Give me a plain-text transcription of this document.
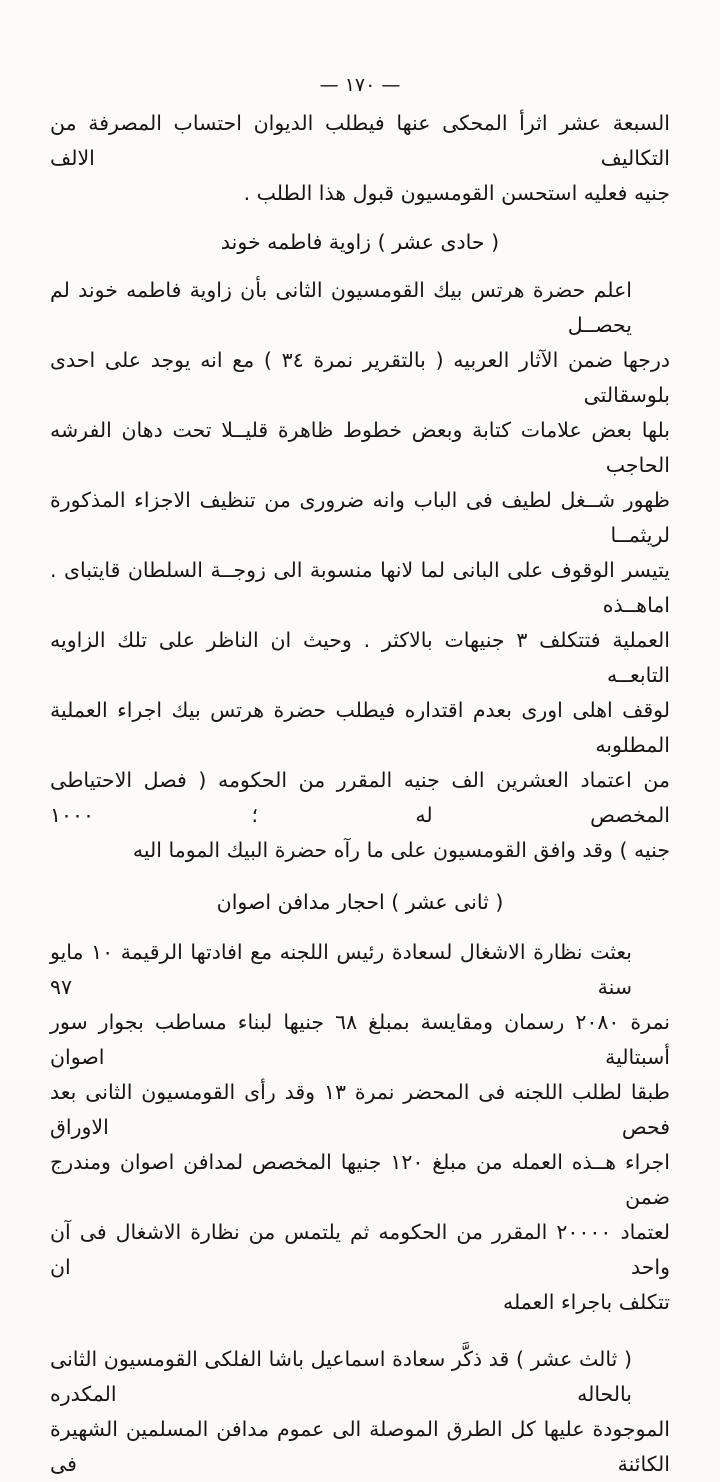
— ١٧٠ —
السبعة عشر اثرأ المحكى عنها فيطلب الديوان احتساب المصرفة من التكاليف الالف
جنيه فعليه استحسن القومسيون قبول هذا الطلب .
( حادى عشر ) زاوية فاطمه خوند
اعلم حضرة هرتس بيك القومسيون الثانى بأن زاوية فاطمه خوند لم يحصــل
درجها ضمن الآثار العربيه ( بالتقرير نمرة ٣٤ ) مع انه يوجد على احدى بلوسقالتى
بلها بعض علامات كتابة وبعض خطوط ظاهرة قليــلا تحت دهان الفرشه الحاجب
ظهور شــغل لطيف فى الباب وانه ضرورى من تنظيف الاجزاء المذكورة لريثمــا
يتيسر الوقوف على البانى لما لانها منسوبة الى زوجــة السلطان قايتباى . اماهــذه
العملية فتتكلف ٣ جنيهات بالاكثر . وحيث ان الناظر على تلك الزاويه التابعــه
لوقف اهلى اورى بعدم اقتداره فيطلب حضرة هرتس بيك اجراء العملية المطلوبه
من اعتماد العشرين الف جنيه المقرر من الحكومه ( فصل الاحتياطى المخصص له ؛ ١٠٠٠
جنيه ) وقد وافق القومسيون على ما رآه حضرة البيك الموما اليه
( ثانى عشر ) احجار مدافن اصوان
بعثت نظارة الاشغال لسعادة رئيس اللجنه مع افادتها الرقيمة ١٠ مايو سنة ٩٧
نمرة ٢٠٨٠ رسمان ومقايسة بمبلغ ٦٨ جنيها لبناء مساطب بجوار سور أسبتالية اصوان
طبقا لطلب اللجنه فى المحضر نمرة ١٣ وقد رأى القومسيون الثانى بعد فحص الاوراق
اجراء هــذه العمله من مبلغ ١٢٠ جنيها المخصص لمدافن اصوان ومندرج ضمن
لعتماد ٢٠٠٠٠ المقرر من الحكومه ثم يلتمس من نظارة الاشغال فى آن واحد ان
تتكلف باجراء العمله
( ثالث عشر ) قد ذكَّر سعادة اسماعيل باشا الفلكى القومسيون الثانى بالحاله المكدره
الموجودة عليها كل الطرق الموصلة الى عموم مدافن المسلمين الشهيرة الكائنة فى
